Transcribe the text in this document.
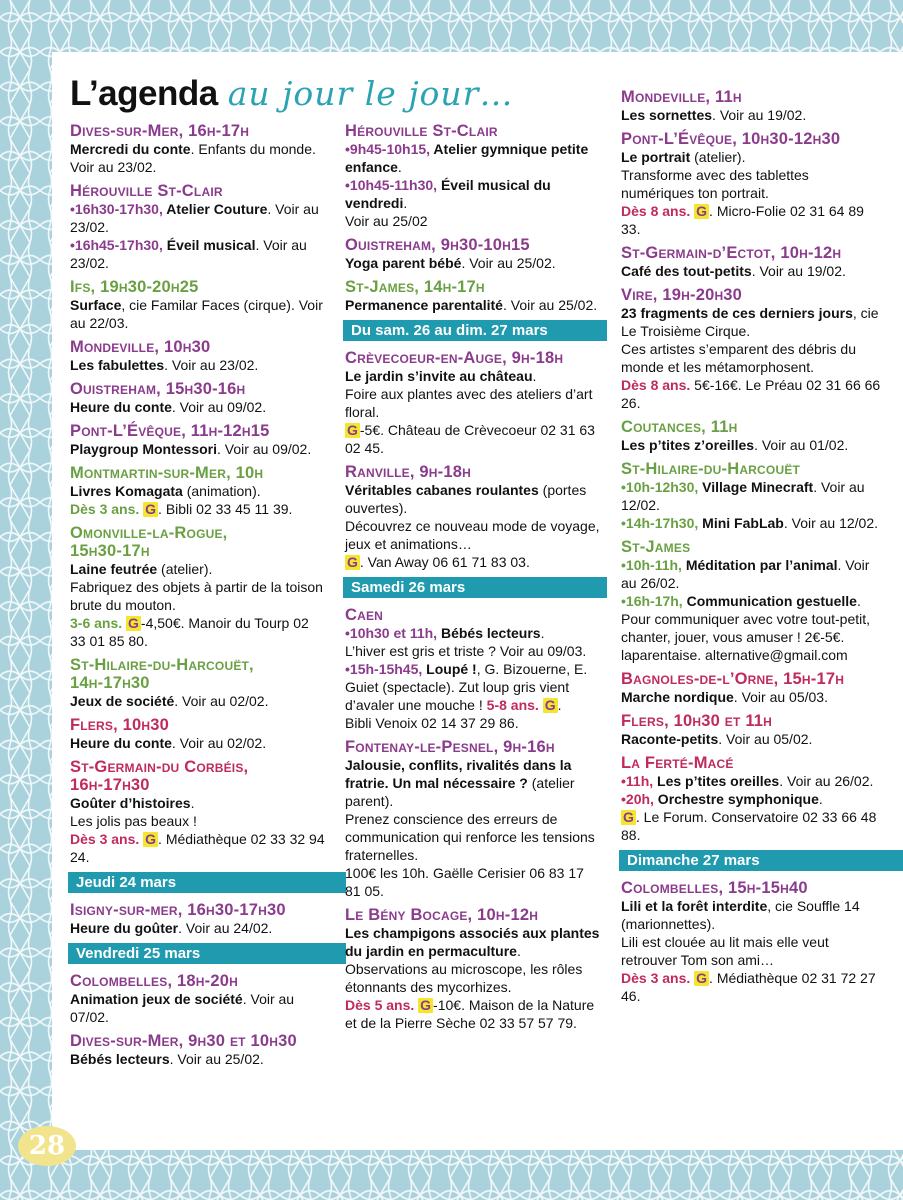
L’agenda au jour le jour…
Dives-sur-Mer, 16h-17h
Mercredi du conte. Enfants du monde. Voir au 23/02.
Hérouville St-Clair
•16h30-17h30, Atelier Couture. Voir au 23/02.
•16h45-17h30, Éveil musical. Voir au 23/02.
Ifs, 19h30-20h25
Surface, cie Familar Faces (cirque). Voir au 22/03.
Mondeville, 10h30
Les fabulettes. Voir au 23/02.
Ouistreham, 15h30-16h
Heure du conte. Voir au 09/02.
Pont-L’Évêque, 11h-12h15
Playgroup Montessori. Voir au 09/02.
Montmartin-sur-Mer, 10h
Livres Komagata (animation).
Dès 3 ans. G . Bibli 02 33 45 11 39.
Omonville-la-Rogue,
15h30-17h
Laine feutrée (atelier).
Fabriquez des objets à partir de la toison brute du mouton.
3-6 ans. G -4,50€. Manoir du Tourp 02 33 01 85 80.
St-Hilaire-du-Harcouët,
14h-17h30
Jeux de société. Voir au 02/02.
Flers, 10h30
Heure du conte. Voir au 02/02.
St-Germain-du Corbéis,
16h-17h30
Goûter d’histoires.
Les jolis pas beaux !
Dès 3 ans. G . Médiathèque 02 33 32 94 24.
Jeudi 24 mars
Isigny-sur-mer, 16h30-17h30
Heure du goûter. Voir au 24/02.
Vendredi 25 mars
Colombelles, 18h-20h
Animation jeux de société. Voir au 07/02.
Dives-sur-Mer, 9h30 et 10h30
Bébés lecteurs. Voir au 25/02.
Hérouville St-Clair
•9h45-10h15, Atelier gymnique petite enfance.
•10h45-11h30, Éveil musical du vendredi.
Voir au 25/02
Ouistreham, 9h30-10h15
Yoga parent bébé. Voir au 25/02.
St-James, 14h-17h
Permanence parentalité. Voir au 25/02.
Du sam. 26 au dim. 27 mars
Crèvecoeur-en-Auge, 9h-18h
Le jardin s’invite au château.
Foire aux plantes avec des ateliers d’art floral.
G -5€. Château de Crèvecoeur 02 31 63 02 45.
Ranville, 9h-18h
Véritables cabanes roulantes (portes ouvertes).
Découvrez ce nouveau mode de voyage, jeux et animations…
G . Van Away 06 61 71 83 03.
Samedi 26 mars
Caen
•10h30 et 11h, Bébés lecteurs.
L’hiver est gris et triste ? Voir au 09/03.
•15h-15h45, Loupé !, G. Bizouerne, E. Guiet (spectacle). Zut loup gris vient d’avaler une mouche ! 5-8 ans. G .
Bibli Venoix 02 14 37 29 86.
Fontenay-le-Pesnel, 9h-16h
Jalousie, conflits, rivalités dans la fratrie. Un mal nécessaire ? (atelier parent).
Prenez conscience des erreurs de communication qui renforce les tensions fraternelles.
100€ les 10h. Gaëlle Cerisier 06 83 17 81 05.
Le Bény Bocage, 10h-12h
Les champigons associés aux plantes du jardin en permaculture.
Observations au microscope, les rôles étonnants des mycorhizes.
Dès 5 ans. G -10€. Maison de la Nature et de la Pierre Sèche 02 33 57 57 79.
Mondeville, 11h
Les sornettes. Voir au 19/02.
Pont-L’Évêque, 10h30-12h30
Le portrait (atelier).
Transforme avec des tablettes numériques ton portrait.
Dès 8 ans. G . Micro-Folie 02 31 64 89 33.
St-Germain-d’Ectot, 10h-12h
Café des tout-petits. Voir au 19/02.
Vire, 19h-20h30
23 fragments de ces derniers jours, cie Le Troisième Cirque.
Ces artistes s’emparent des débris du monde et les métamorphosent.
Dès 8 ans. 5€-16€. Le Préau 02 31 66 66 26.
Coutances, 11h
Les p’tites z’oreilles. Voir au 01/02.
St-Hilaire-du-Harcouët
•10h-12h30, Village Minecraft. Voir au 12/02.
•14h-17h30, Mini FabLab. Voir au 12/02.
St-James
•10h-11h, Méditation par l’animal. Voir au 26/02.
•16h-17h, Communication gestuelle. Pour communiquer avec votre tout-petit, chanter, jouer, vous amuser ! 2€-5€. laparentaise. alternative@gmail.com
Bagnoles-de-l’Orne, 15h-17h
Marche nordique. Voir au 05/03.
Flers, 10h30 et 11h
Raconte-petits. Voir au 05/02.
La Ferté-Macé
•11h, Les p’tites oreilles. Voir au 26/02.
•20h, Orchestre symphonique.
G . Le Forum. Conservatoire 02 33 66 48 88.
Dimanche 27 mars
Colombelles, 15h-15h40
Lili et la forêt interdite, cie Souffle 14 (marionnettes).
Lili est clouée au lit mais elle veut retrouver Tom son ami…
Dès 3 ans. G . Médiathèque 02 31 72 27 46.
28
